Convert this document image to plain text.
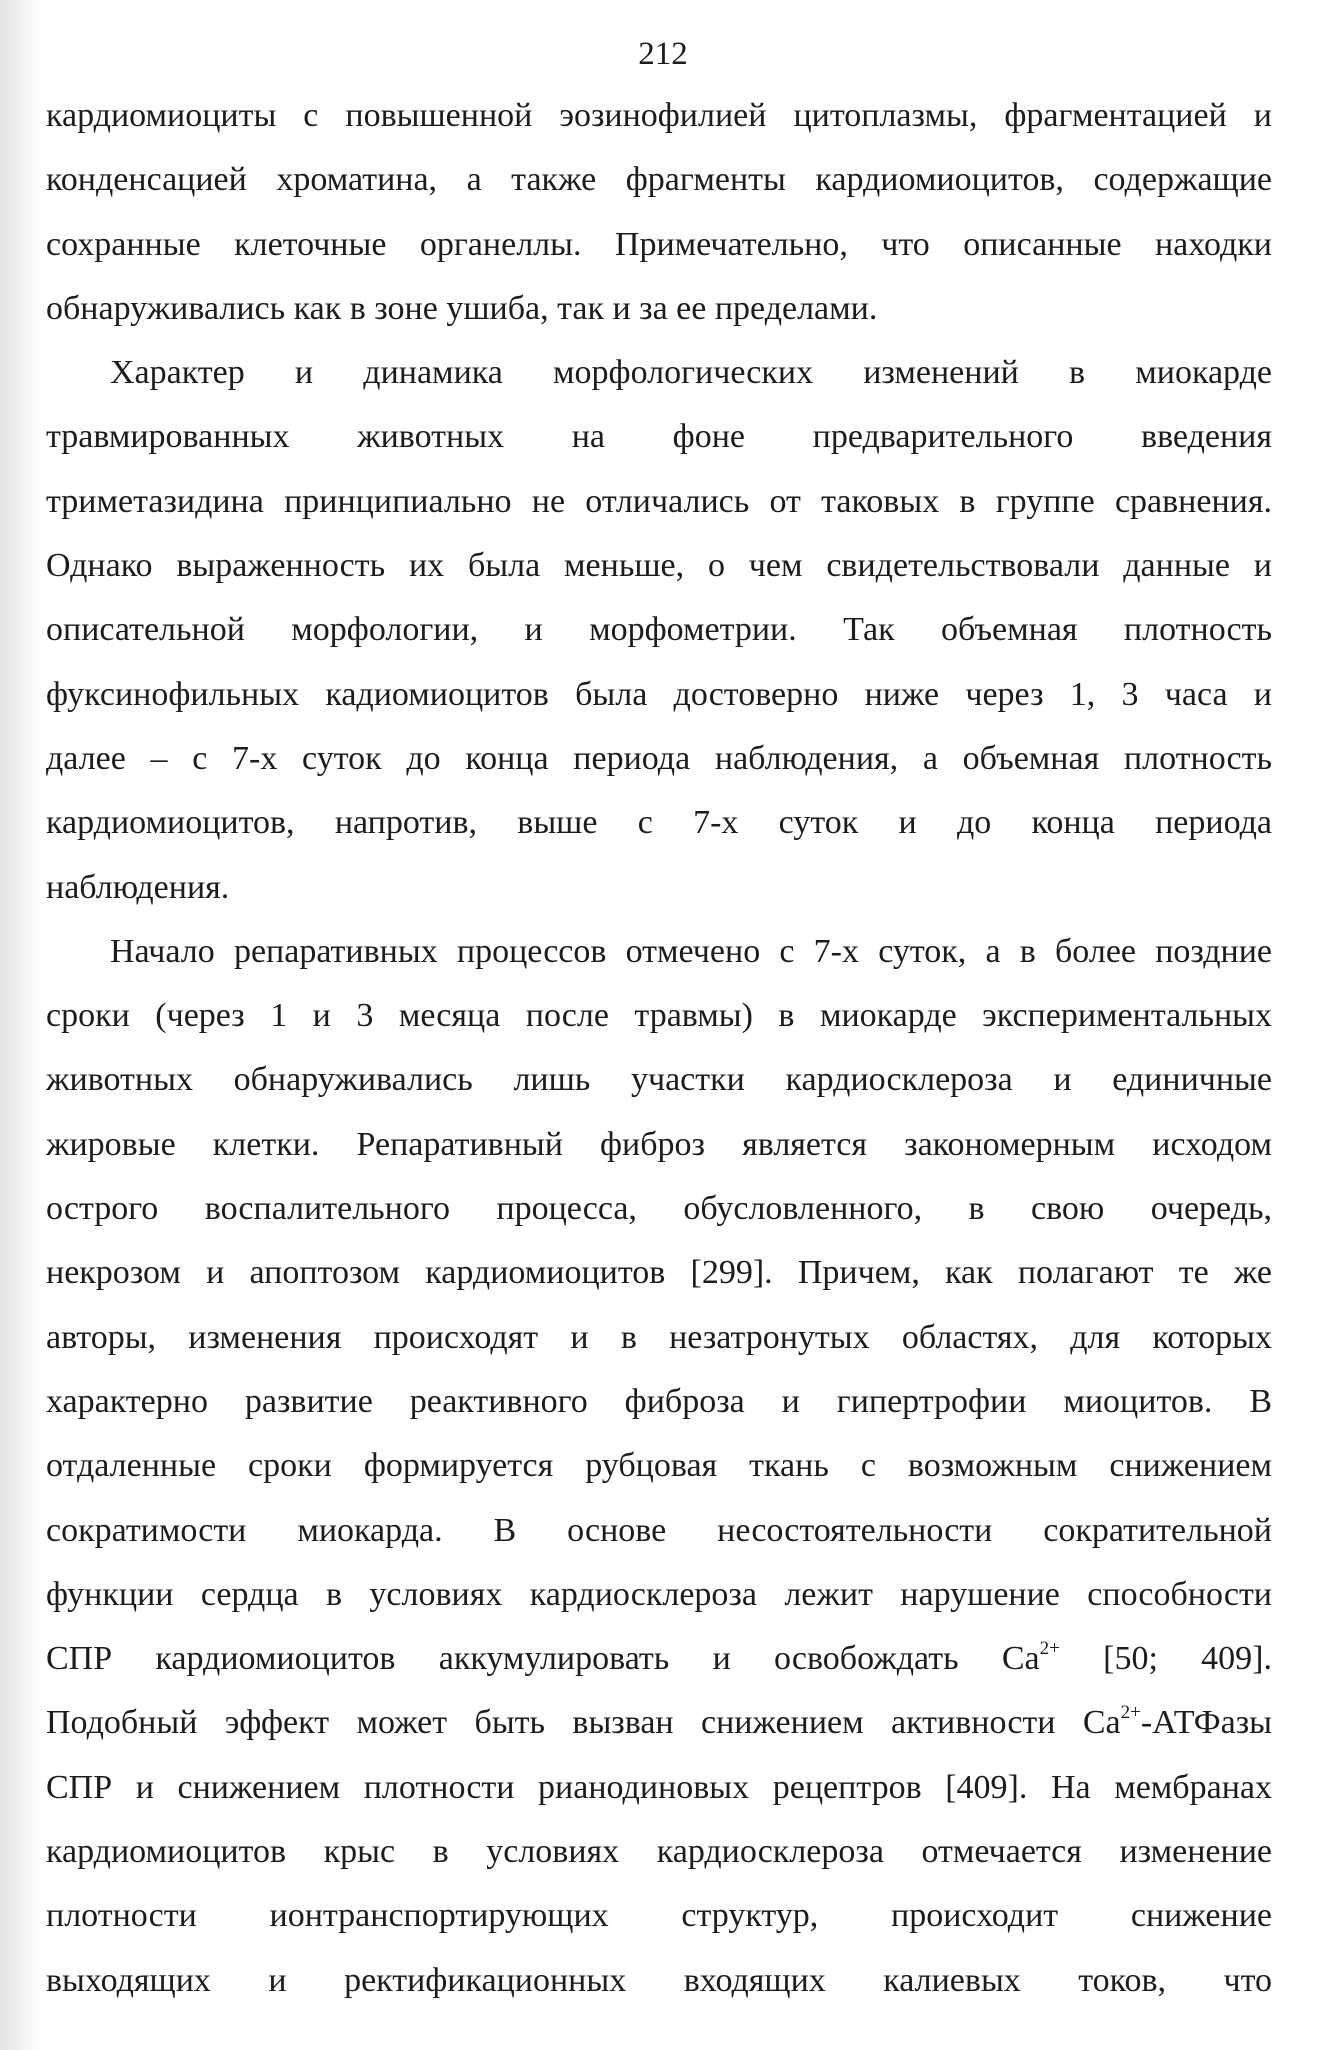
212
кардиомиоциты с повышенной эозинофилией цитоплазмы, фрагментацией и
конденсацией хроматина, а также фрагменты кардиомиоцитов, содержащие
сохранные клеточные органеллы. Примечательно, что описанные находки
обнаруживались как в зоне ушиба, так и за ее пределами.
Характер и динамика морфологических изменений в миокарде
травмированных животных на фоне предварительного введения
триметазидина принципиально не отличались от таковых в группе сравнения.
Однако выраженность их была меньше, о чем свидетельствовали данные и
описательной морфологии, и морфометрии. Так объемная плотность
фуксинофильных кадиомиоцитов была достоверно ниже через 1, 3 часа и
далее – с 7-х суток до конца периода наблюдения, а объемная плотность
кардиомиоцитов, напротив, выше с 7-х суток и до конца периода
наблюдения.
Начало репаративных процессов отмечено с 7-х суток, а в более поздние
сроки (через 1 и 3 месяца после травмы) в миокарде экспериментальных
животных обнаруживались лишь участки кардиосклероза и единичные
жировые клетки. Репаративный фиброз является закономерным исходом
острого воспалительного процесса, обусловленного, в свою очередь,
некрозом и апоптозом кардиомиоцитов [299]. Причем, как полагают те же
авторы, изменения происходят и в незатронутых областях, для которых
характерно развитие реактивного фиброза и гипертрофии миоцитов. В
отдаленные сроки формируется рубцовая ткань с возможным снижением
сократимости миокарда. В основе несостоятельности сократительной
функции сердца в условиях кардиосклероза лежит нарушение способности
СПР кардиомиоцитов аккумулировать и освобождать $Ca^{2+}$ [50; 409].
Подобный эффект может быть вызван снижением активности $Ca^{2+}$-АТФазы
СПР и снижением плотности рианодиновых рецептров [409]. На мембранах
кардиомиоцитов крыс в условиях кардиосклероза отмечается изменение
плотности ионтранспортирующих структур, происходит снижение
выходящих и ректификационных входящих калиевых токов, что
